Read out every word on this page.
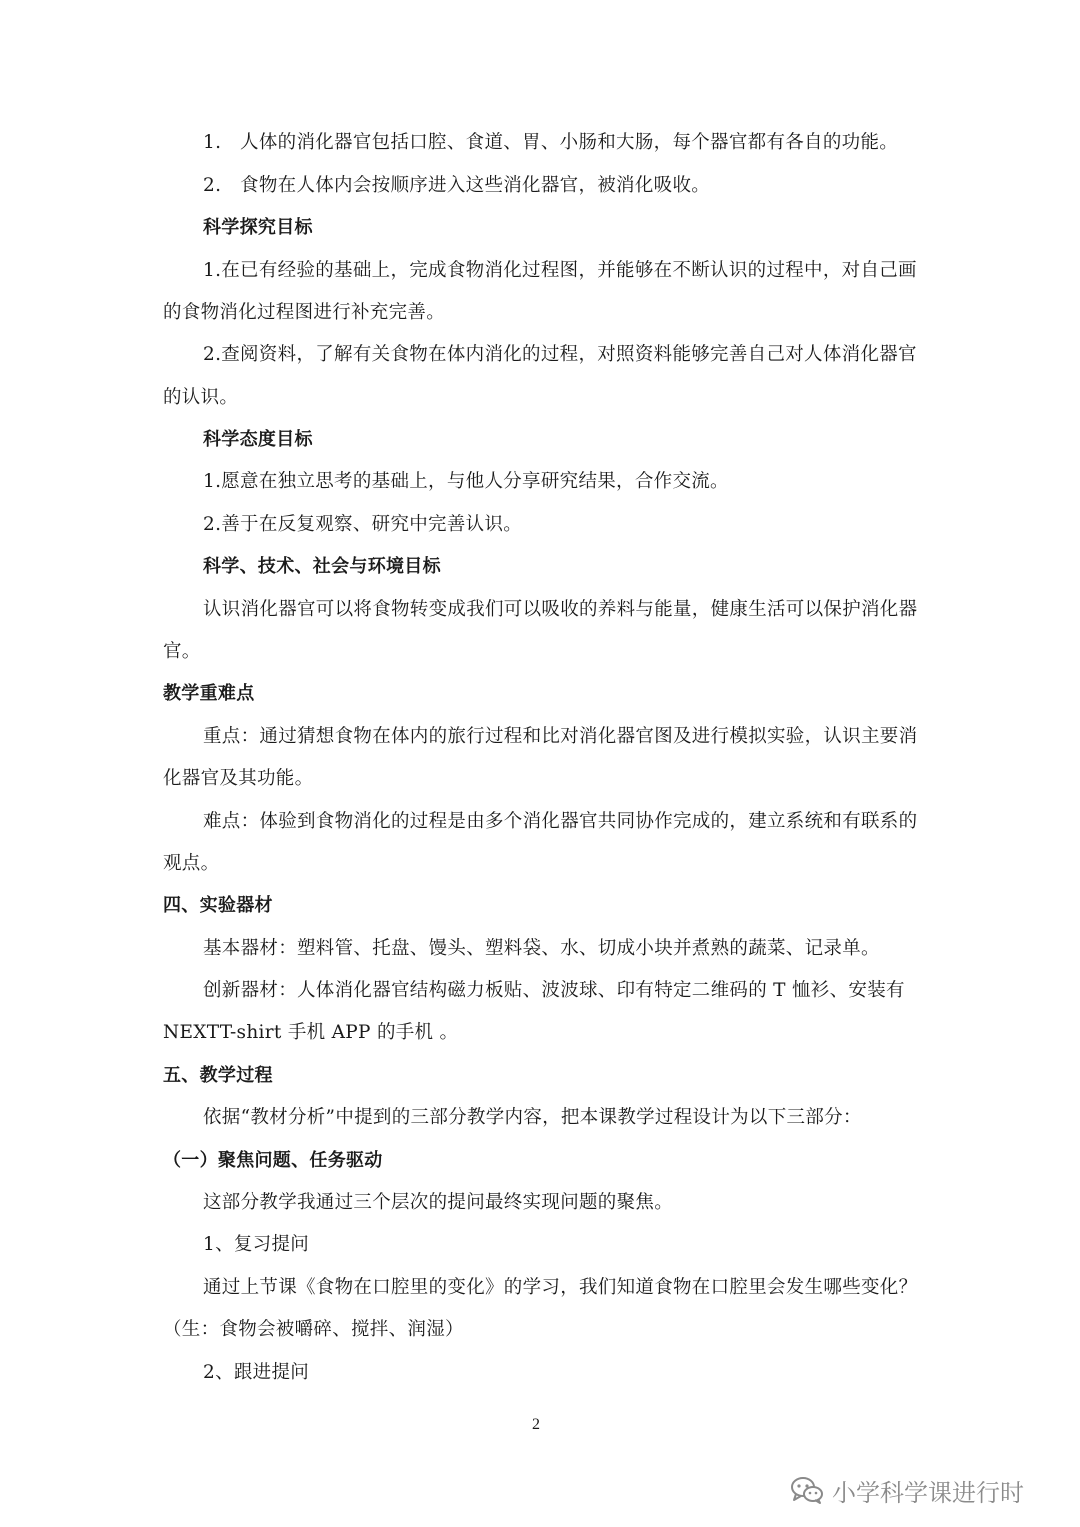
1.　人体的消化器官包括口腔、食道、胃、小肠和大肠，每个器官都有各自的功能。
2.　食物在人体内会按顺序进入这些消化器官，被消化吸收。
科学探究目标
1.在已有经验的基础上，完成食物消化过程图，并能够在不断认识的过程中，对自己画
的食物消化过程图进行补充完善。
2.查阅资料，了解有关食物在体内消化的过程，对照资料能够完善自己对人体消化器官
的认识。
科学态度目标
1.愿意在独立思考的基础上，与他人分享研究结果，合作交流。
2.善于在反复观察、研究中完善认识。
科学、技术、社会与环境目标
认识消化器官可以将食物转变成我们可以吸收的养料与能量，健康生活可以保护消化器
官。
教学重难点
重点：通过猜想食物在体内的旅行过程和比对消化器官图及进行模拟实验，认识主要消
化器官及其功能。
难点：体验到食物消化的过程是由多个消化器官共同协作完成的，建立系统和有联系的
观点。
四、实验器材
基本器材：塑料管、托盘、馒头、塑料袋、水、切成小块并煮熟的蔬菜、记录单。
创新器材：人体消化器官结构磁力板贴、波波球、印有特定二维码的 T 恤衫、安装有
NEXTT-shirt 手机 APP 的手机 。
五、教学过程
依据“教材分析”中提到的三部分教学内容，把本课教学过程设计为以下三部分：
（一）聚焦问题、任务驱动
这部分教学我通过三个层次的提问最终实现问题的聚焦。
1、复习提问
通过上节课《食物在口腔里的变化》的学习，我们知道食物在口腔里会发生哪些变化？
（生：食物会被嚼碎、搅拌、润湿）
2、跟进提问
2
小学科学课进行时
